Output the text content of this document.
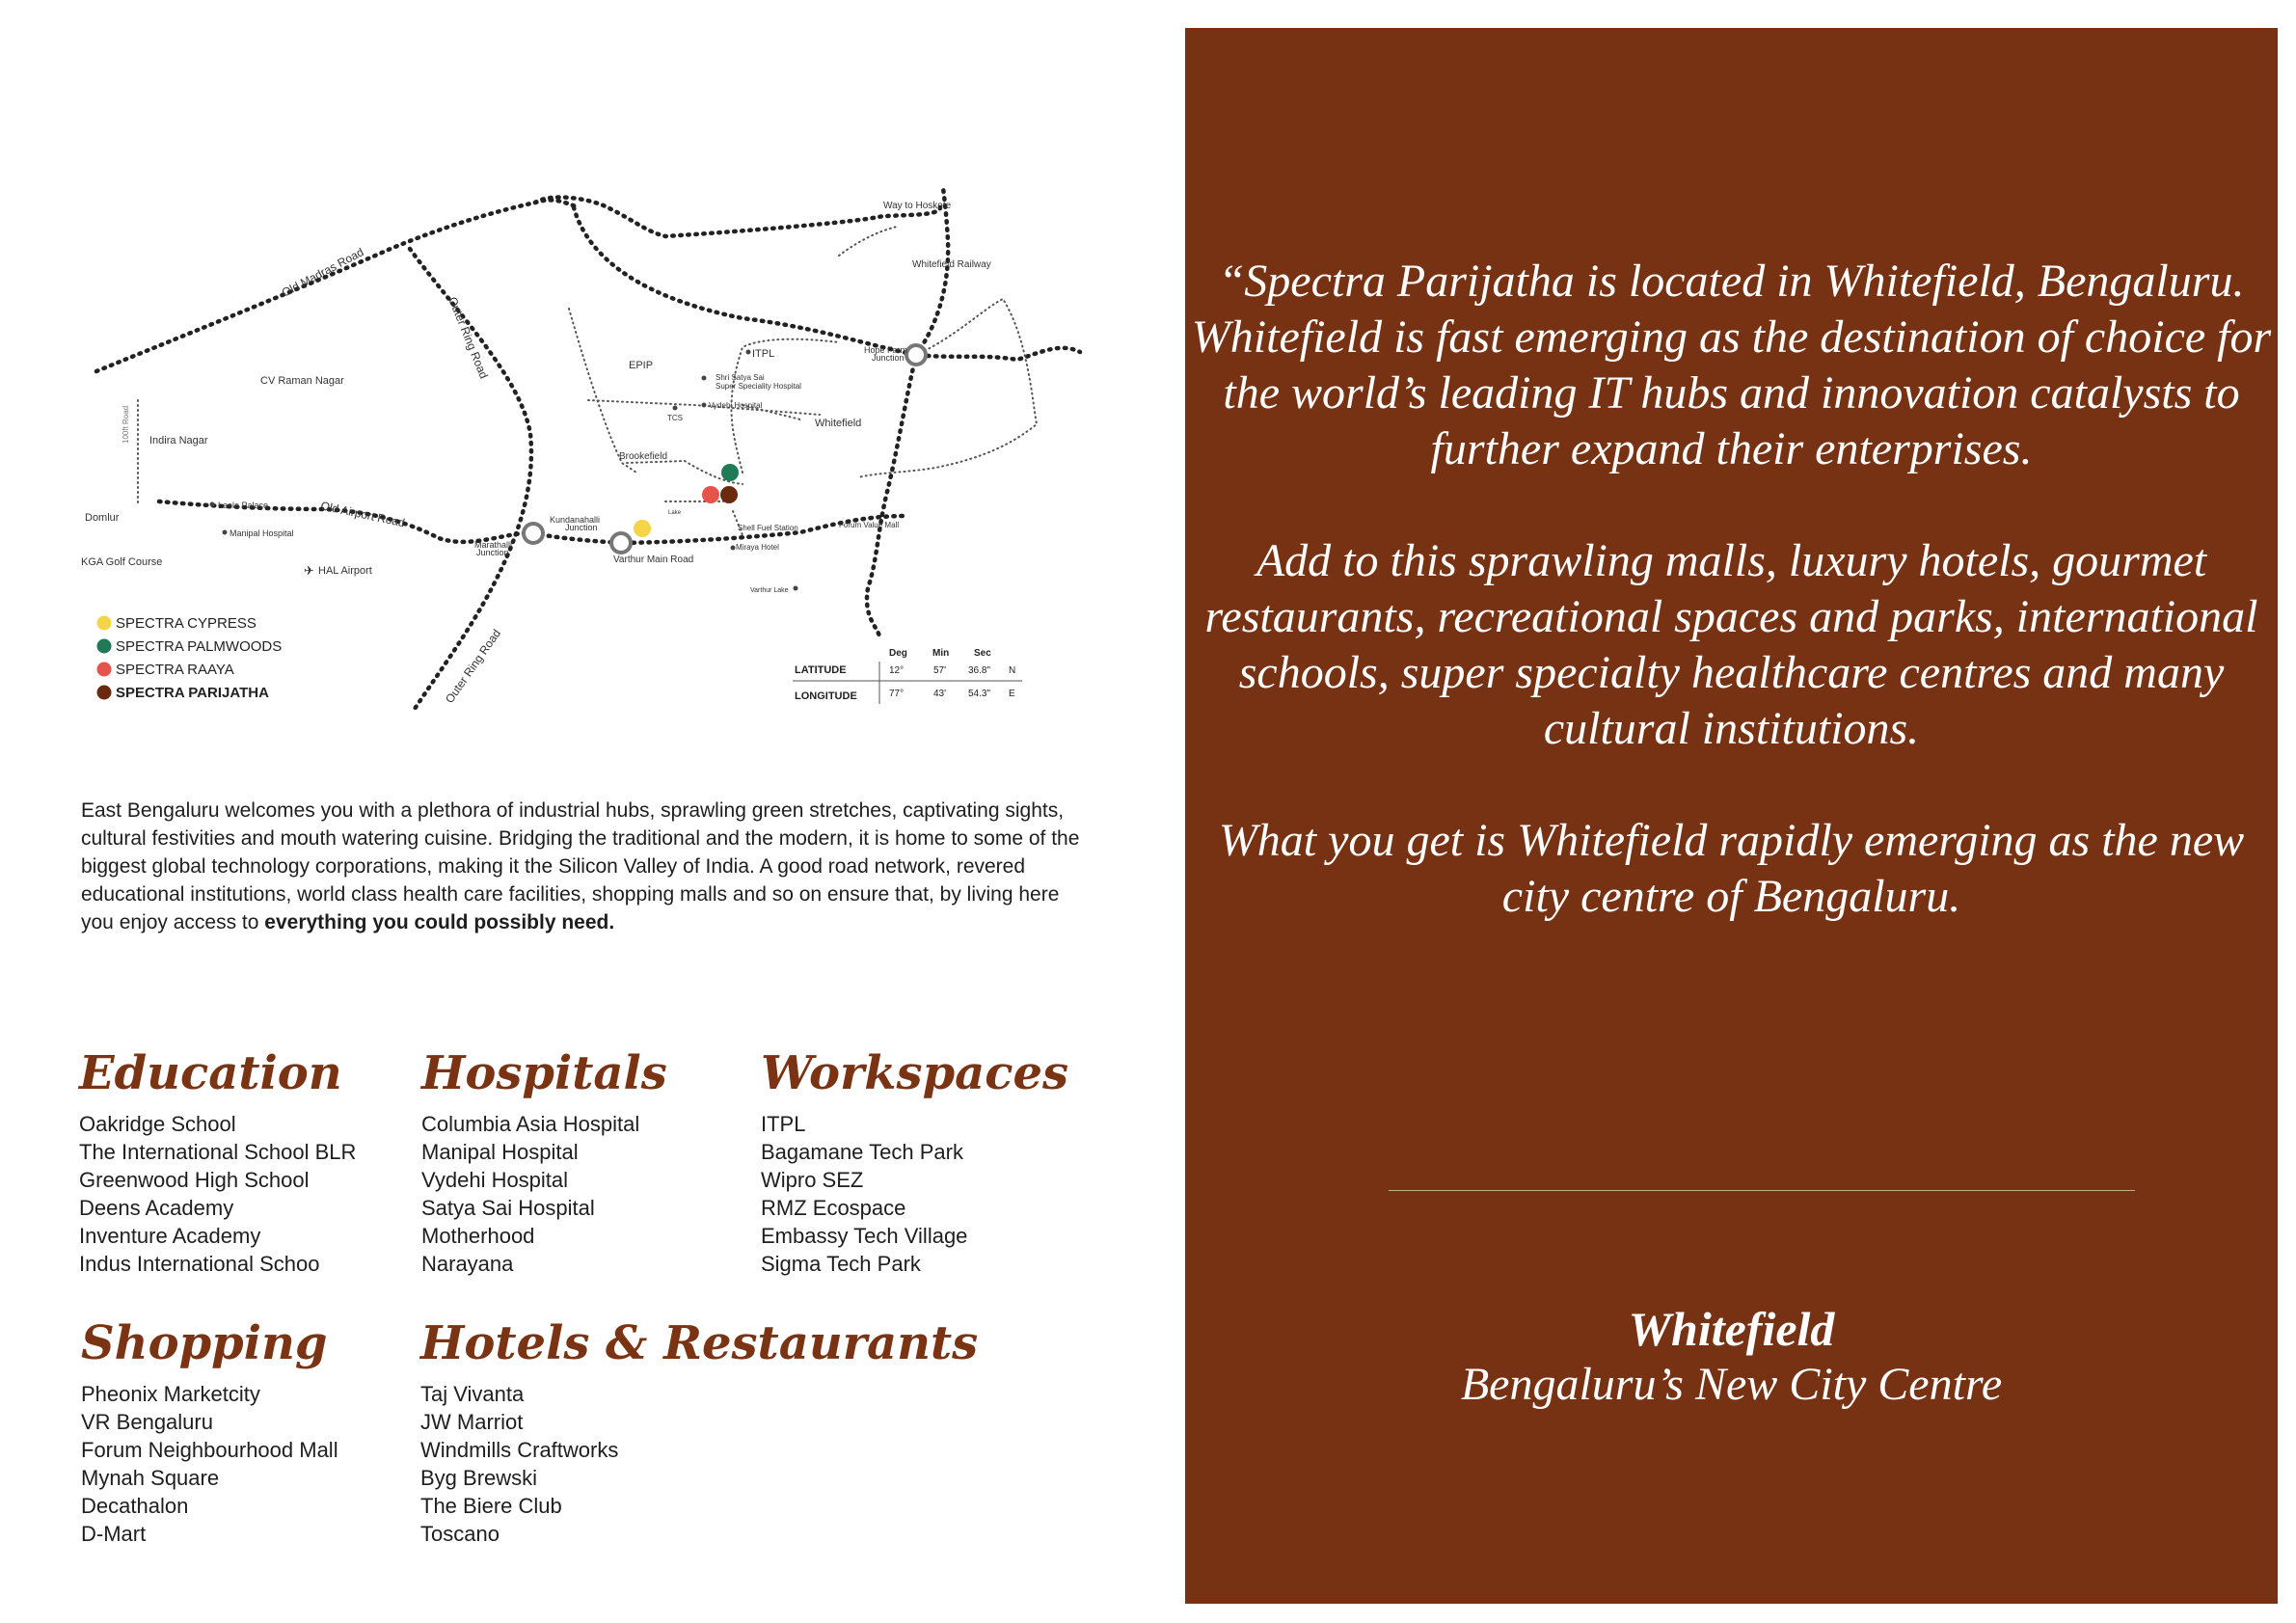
Old Madras Road
Outer Ring Road
Outer Ring Road
Old Airport Road
100ft Road
Varthur Main Road
Way to Hoskote
Whitefield Railway
CV Raman Nagar
Indira Nagar
Domlur
KGA Golf Course
HAL Airport
Leela Palace
Manipal Hospital
EPIP
ITPL
Shri Satya Sai
Super Speciality Hospital
Vydehi Hospital
TCS	Whitefield
Hope Farm
Junction
Brookefield
Kundanahalli
Junction
Marathalli
Junction
Shell Fuel Station	Forum Value Mall
Miraya Hotel
Varthur Lake
Lake
✈
SPECTRA CYPRESS
SPECTRA PALMWOODS
SPECTRA RAAYA
SPECTRA PARIJATHA
Deg	Min	Sec
LATITUDE	12°	57' 36.8" N
LONGITUDE	77°	43' 54.3" E
East Bengaluru welcomes you with a plethora of industrial hubs, sprawling green stretches, captivating sights, cultural festivities and mouth watering cuisine. Bridging the traditional and the modern, it is home to some of the biggest global technology corporations, making it the Silicon Valley of India. A good road network, revered educational institutions, world class health care facilities, shopping malls and so on ensure that, by living here you enjoy access to everything you could possibly need.
Education
Oakridge School
The International School BLR
Greenwood High School
Deens Academy
Inventure Academy
Indus International Schoo
Hospitals
Columbia Asia Hospital
Manipal Hospital
Vydehi Hospital
Satya Sai Hospital
Motherhood
Narayana
Workspaces
ITPL
Bagamane Tech Park
Wipro SEZ
RMZ Ecospace
Embassy Tech Village
Sigma Tech Park
Shopping
Pheonix Marketcity
VR Bengaluru
Forum Neighbourhood Mall
Mynah Square
Decathalon
D-Mart
Hotels & Restaurants
Taj Vivanta
JW Marriot
Windmills Craftworks
Byg Brewski
The Biere Club
Toscano

“Spectra Parijatha is located in Whitefield, Bengaluru. Whitefield is fast emerging as the destination of choice for the world’s leading IT hubs and innovation catalysts to further expand their enterprises.

Add to this sprawling malls, luxury hotels, gourmet restaurants, recreational spaces and parks, international schools, super specialty healthcare centres and many cultural institutions.

What you get is Whitefield rapidly emerging as the new city centre of Bengaluru.

Whitefield
Bengaluru’s New City Centre
